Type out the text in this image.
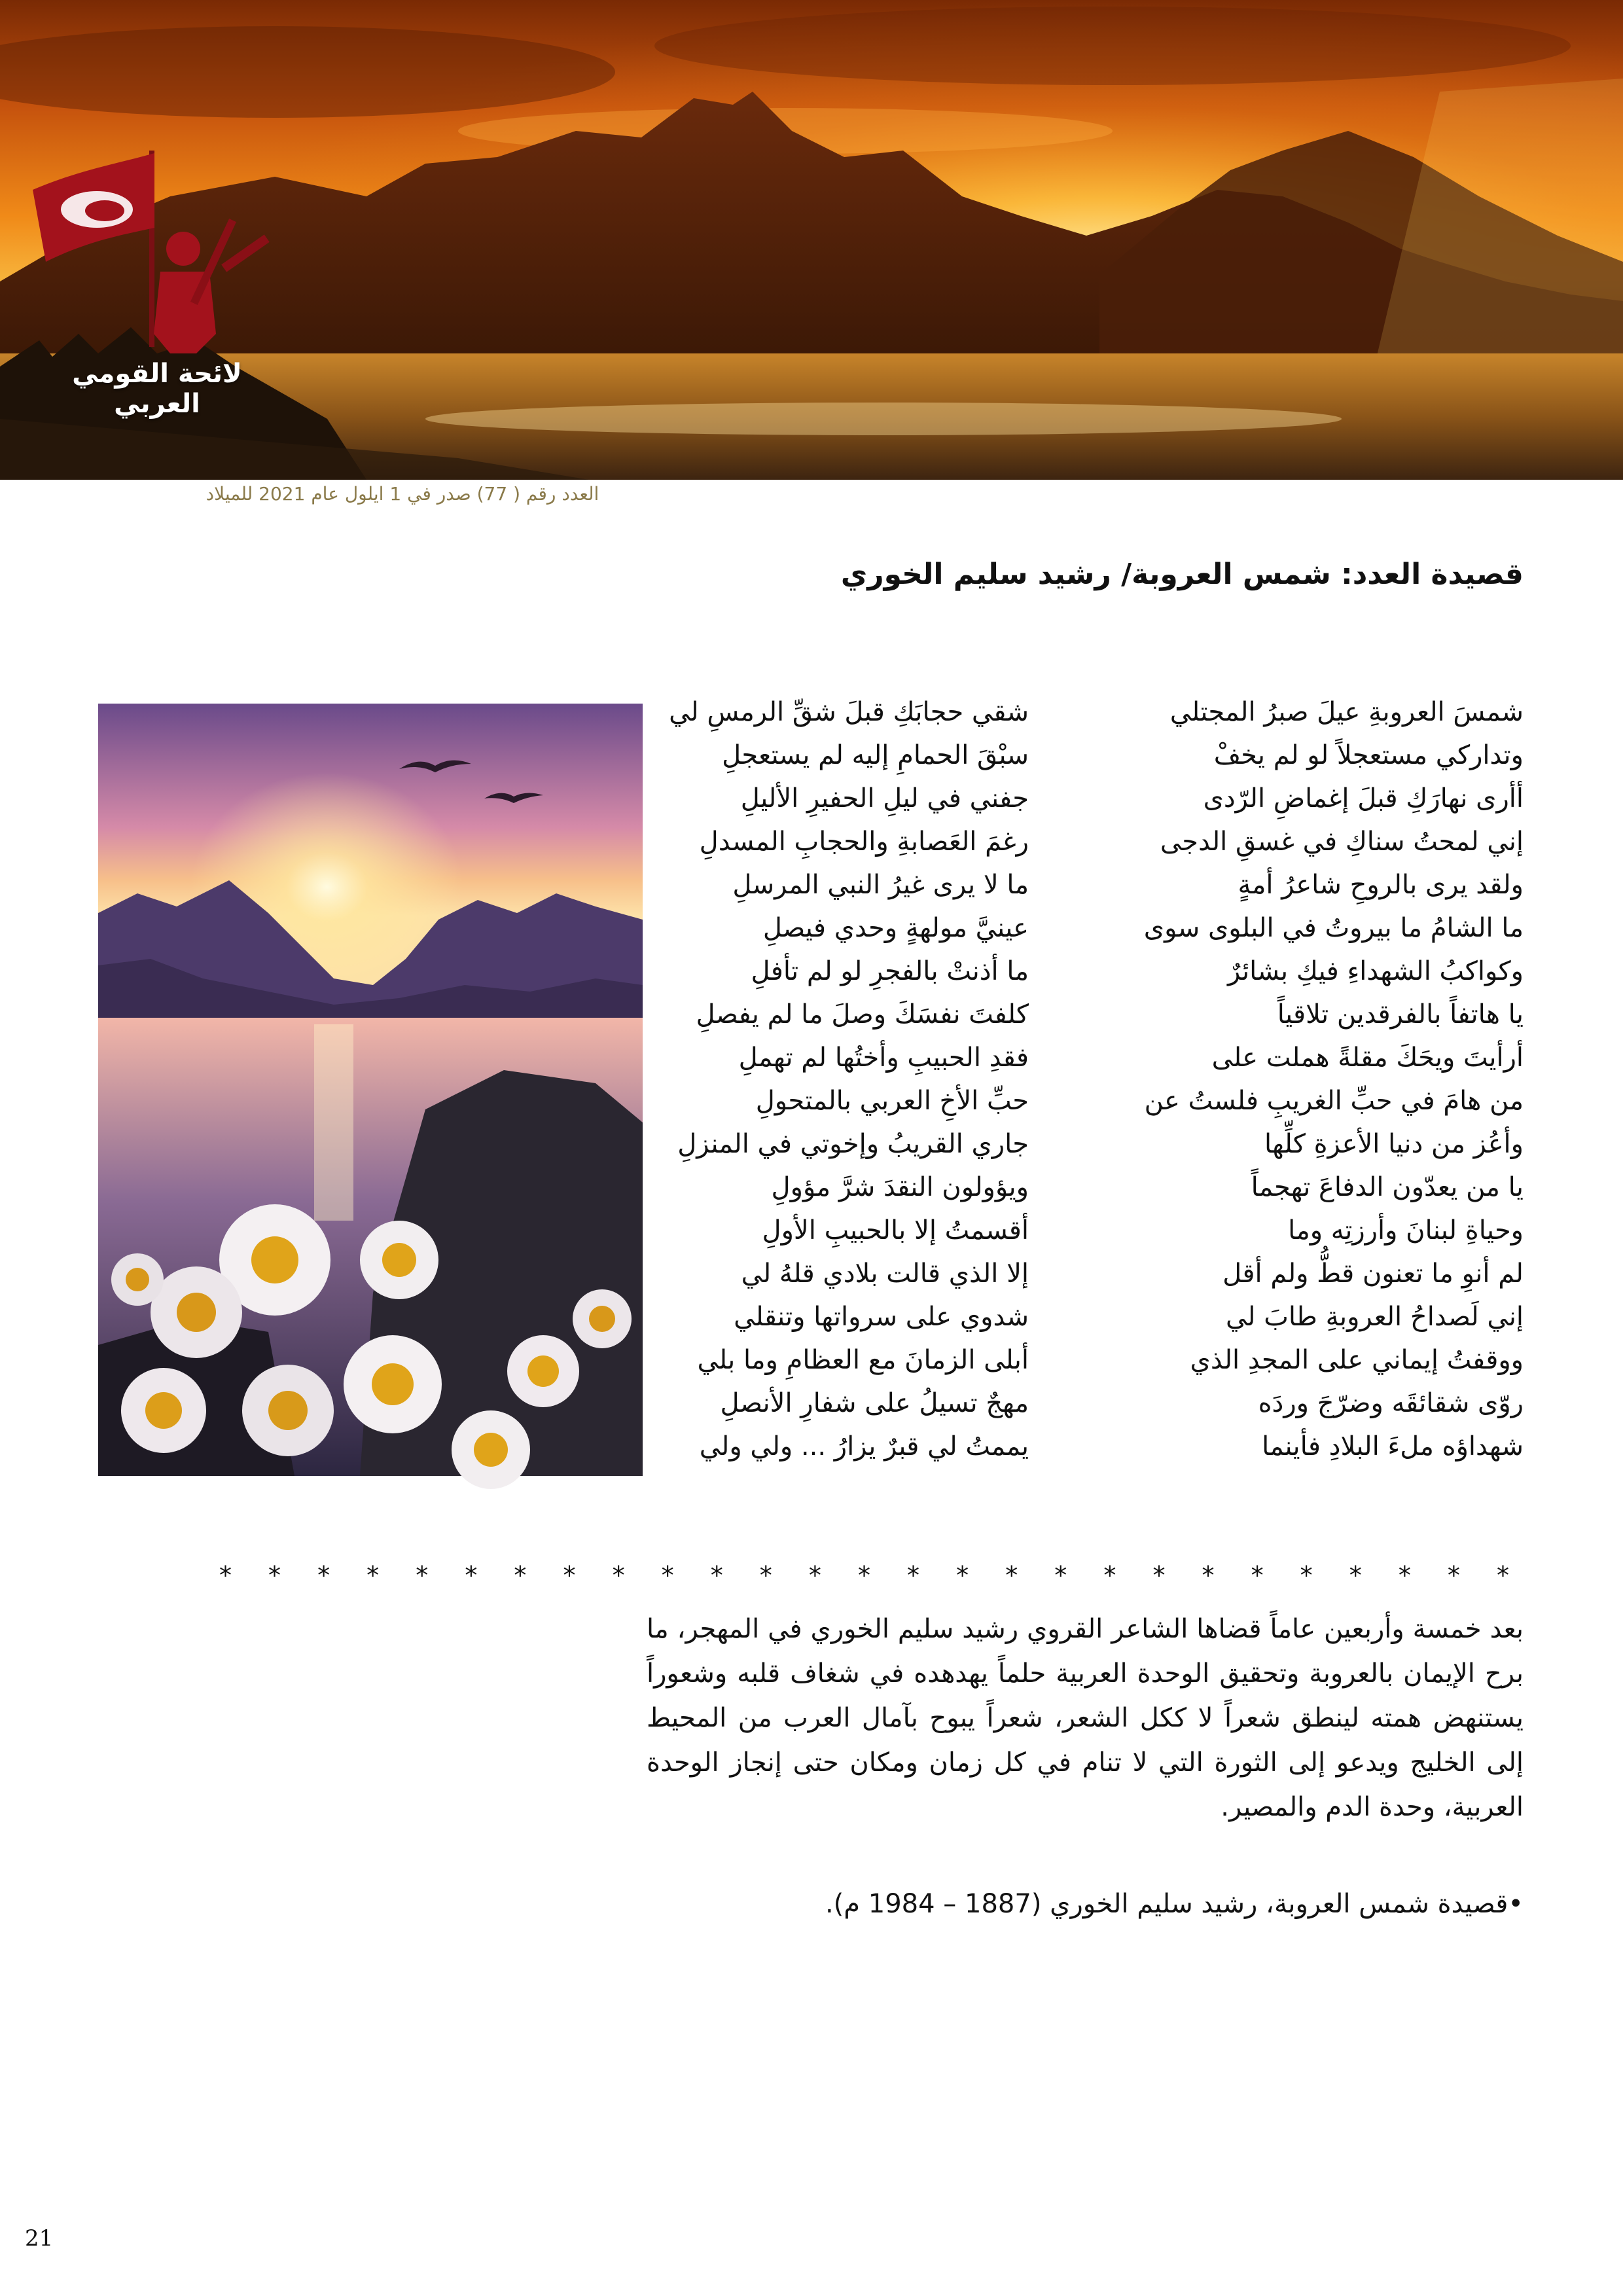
لائحة القومي العربي
العدد رقم ( 77) صدر في 1 ايلول عام 2021 للميلاد
قصيدة العدد: شمس العروبة/ رشيد سليم الخوري
شمسَ العروبةِ عيلَ صبرُ المجتلي
وتداركي مستعجلاً لو لم يخفْ
أأرى نهارَكِ قبلَ إغماضِ الرّدى
إني لمحتُ سناكِ في غسقِ الدجى
ولقد يرى بالروحِ شاعرُ أمةٍ
ما الشامُ ما بيروتُ في البلوى سوى
وكواكبُ الشهداءِ فيكِ بشائرٌ
يا هاتفاً بالفرقدين تلاقياً
أرأيتَ ويحَكَ مقلةً هملت على
من هامَ في حبِّ الغريبِ فلستُ عن
وأعُز من دنيا الأعزةِ كلِّها
يا من يعدّون الدفاعَ تهجماً
وحياةِ لبنانَ وأرزتِه وما
لم أنوِ ما تعنون قطُّ ولم أقل
إني لَصداحُ العروبةِ طابَ لي
ووقفتُ إيماني على المجدِ الذي
روّى شقائقَه وضرّجَ وردَه
شهداؤه ملءَ البلادِ فأينما
شقي حجابَكِ قبلَ شقِّ الرمسِ لي
سبْقَ الحمامِ إليه لم يستعجلِ
جفني في ليلِ الحفيرِ الأليلِ
رغمَ العَصابةِ والحجابِ المسدلِ
ما لا يرى غيرُ النبي المرسلِ
عينيَّ مولهةٍ وحدي فيصلِ
ما أذنتْ بالفجرِ لو لم تأفلِ
كلفتَ نفسَكَ وصلَ ما لم يفصلِ
فقدِ الحبيبِ وأختُها لم تهملِ
حبِّ الأخِ العربي بالمتحولِ
جاري القريبُ وإخوتي في المنزلِ
ويؤولون النقدَ شرَّ مؤولِ
أقسمتُ إلا بالحبيبِ الأولِ
إلا الذي قالت بلادي قلهُ لي
شدوي على سرواتها وتنقلي
أبلى الزمانَ مع العظامِ وما بلي
مهجٌ تسيلُ على شفارِ الأنصلِ
يممتُ لي قبرٌ يزارُ ... ولي ولي
* * * * * * * * * * * * * * * * * * * * * * * * * * *
بعد خمسة وأربعين عاماً قضاها الشاعر القروي رشيد سليم الخوري في المهجر، ما برح الإيمان بالعروبة وتحقيق الوحدة العربية حلماً يهدهده في شغاف قلبه وشعوراً يستنهض همته لينطق شعراً لا ككل الشعر، شعراً يبوح بآمال العرب من المحيط إلى الخليج ويدعو إلى الثورة التي لا تنام في كل زمان ومكان حتى إنجاز الوحدة العربية، وحدة الدم والمصير.
•قصيدة شمس العروبة، رشيد سليم الخوري (1887 – 1984 م).
21
